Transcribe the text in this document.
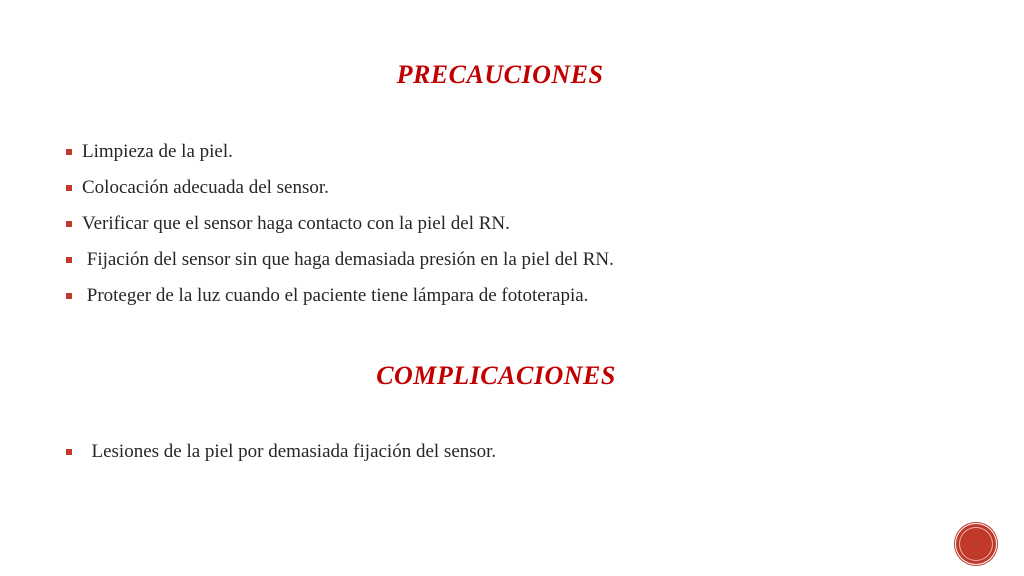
PRECAUCIONES
Limpieza de la piel.
Colocación adecuada del sensor.
Verificar que el sensor haga contacto con la piel del RN.
Fijación del sensor sin que haga demasiada presión en la piel del RN.
Proteger de la luz cuando el paciente tiene lámpara de fototerapia.
COMPLICACIONES
Lesiones de la piel por demasiada fijación del sensor.
